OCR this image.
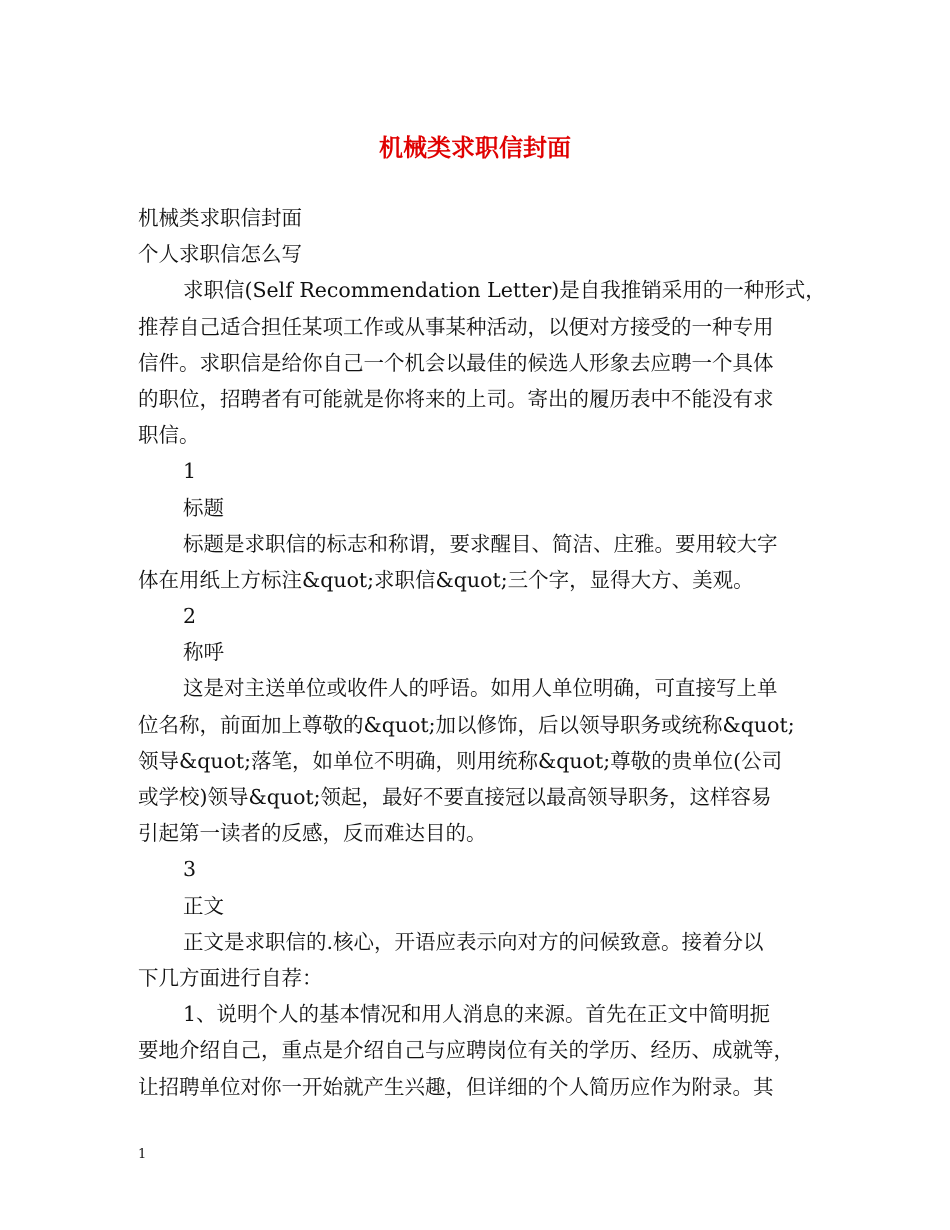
机械类求职信封面
机械类求职信封面
个人求职信怎么写
求职信(Self Recommendation Letter)是自我推销采用的一种形式，
推荐自己适合担任某项工作或从事某种活动，以便对方接受的一种专用
信件。求职信是给你自己一个机会以最佳的候选人形象去应聘一个具体
的职位，招聘者有可能就是你将来的上司。寄出的履历表中不能没有求
职信。
1
标题
标题是求职信的标志和称谓，要求醒目、简洁、庄雅。要用较大字
体在用纸上方标注&quot;求职信&quot;三个字，显得大方、美观。
2
称呼
这是对主送单位或收件人的呼语。如用人单位明确，可直接写上单
位名称，前面加上尊敬的&quot;加以修饰，后以领导职务或统称&quot;
领导&quot;落笔，如单位不明确，则用统称&quot;尊敬的贵单位(公司
或学校)领导&quot;领起，最好不要直接冠以最高领导职务，这样容易
引起第一读者的反感，反而难达目的。
3
正文
正文是求职信的.核心，开语应表示向对方的问候致意。接着分以
下几方面进行自荐：
1、说明个人的基本情况和用人消息的来源。首先在正文中简明扼
要地介绍自己，重点是介绍自己与应聘岗位有关的学历、经历、成就等，
让招聘单位对你一开始就产生兴趣，但详细的个人简历应作为附录。其
1
